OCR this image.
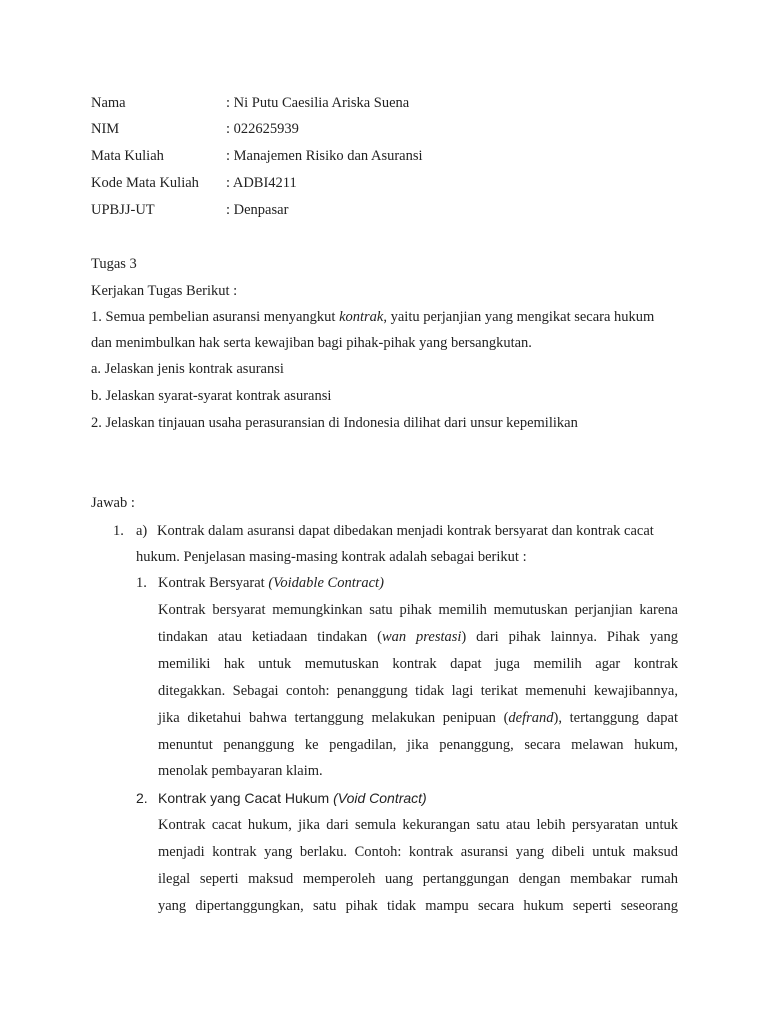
Nama	: Ni Putu Caesilia Ariska Suena
NIM	: 022625939
Mata Kuliah	: Manajemen Risiko dan Asuransi
Kode Mata Kuliah : ADBI4211
UPBJJ-UT	: Denpasar
Tugas 3
Kerjakan Tugas Berikut :
1. Semua pembelian asuransi menyangkut kontrak, yaitu perjanjian yang mengikat secara hukum
dan menimbulkan hak serta kewajiban bagi pihak-pihak yang bersangkutan.
a. Jelaskan jenis kontrak asuransi
b. Jelaskan syarat-syarat kontrak asuransi
2. Jelaskan tinjauan usaha perasuransian di Indonesia dilihat dari unsur kepemilikan
Jawab :
1. a) Kontrak dalam asuransi dapat dibedakan menjadi kontrak bersyarat dan kontrak cacat
hukum. Penjelasan masing-masing kontrak adalah sebagai berikut :
1. Kontrak Bersyarat (Voidable Contract)
Kontrak bersyarat memungkinkan satu pihak memilih memutuskan perjanjian karena
tindakan atau ketiadaan tindakan (wan prestasi) dari pihak lainnya. Pihak yang
memiliki hak untuk memutuskan kontrak dapat juga memilih agar kontrak
ditegakkan. Sebagai contoh: penanggung tidak lagi terikat memenuhi kewajibannya,
jika diketahui bahwa tertanggung melakukan penipuan (defrand), tertanggung dapat
menuntut penanggung ke pengadilan, jika penanggung, secara melawan hukum,
menolak pembayaran klaim.
2. Kontrak yang Cacat Hukum (Void Contract)
Kontrak cacat hukum, jika dari semula kekurangan satu atau lebih persyaratan untuk
menjadi kontrak yang berlaku. Contoh: kontrak asuransi yang dibeli untuk maksud
ilegal seperti maksud memperoleh uang pertanggungan dengan membakar rumah
yang dipertanggungkan, satu pihak tidak mampu secara hukum seperti seseorang
